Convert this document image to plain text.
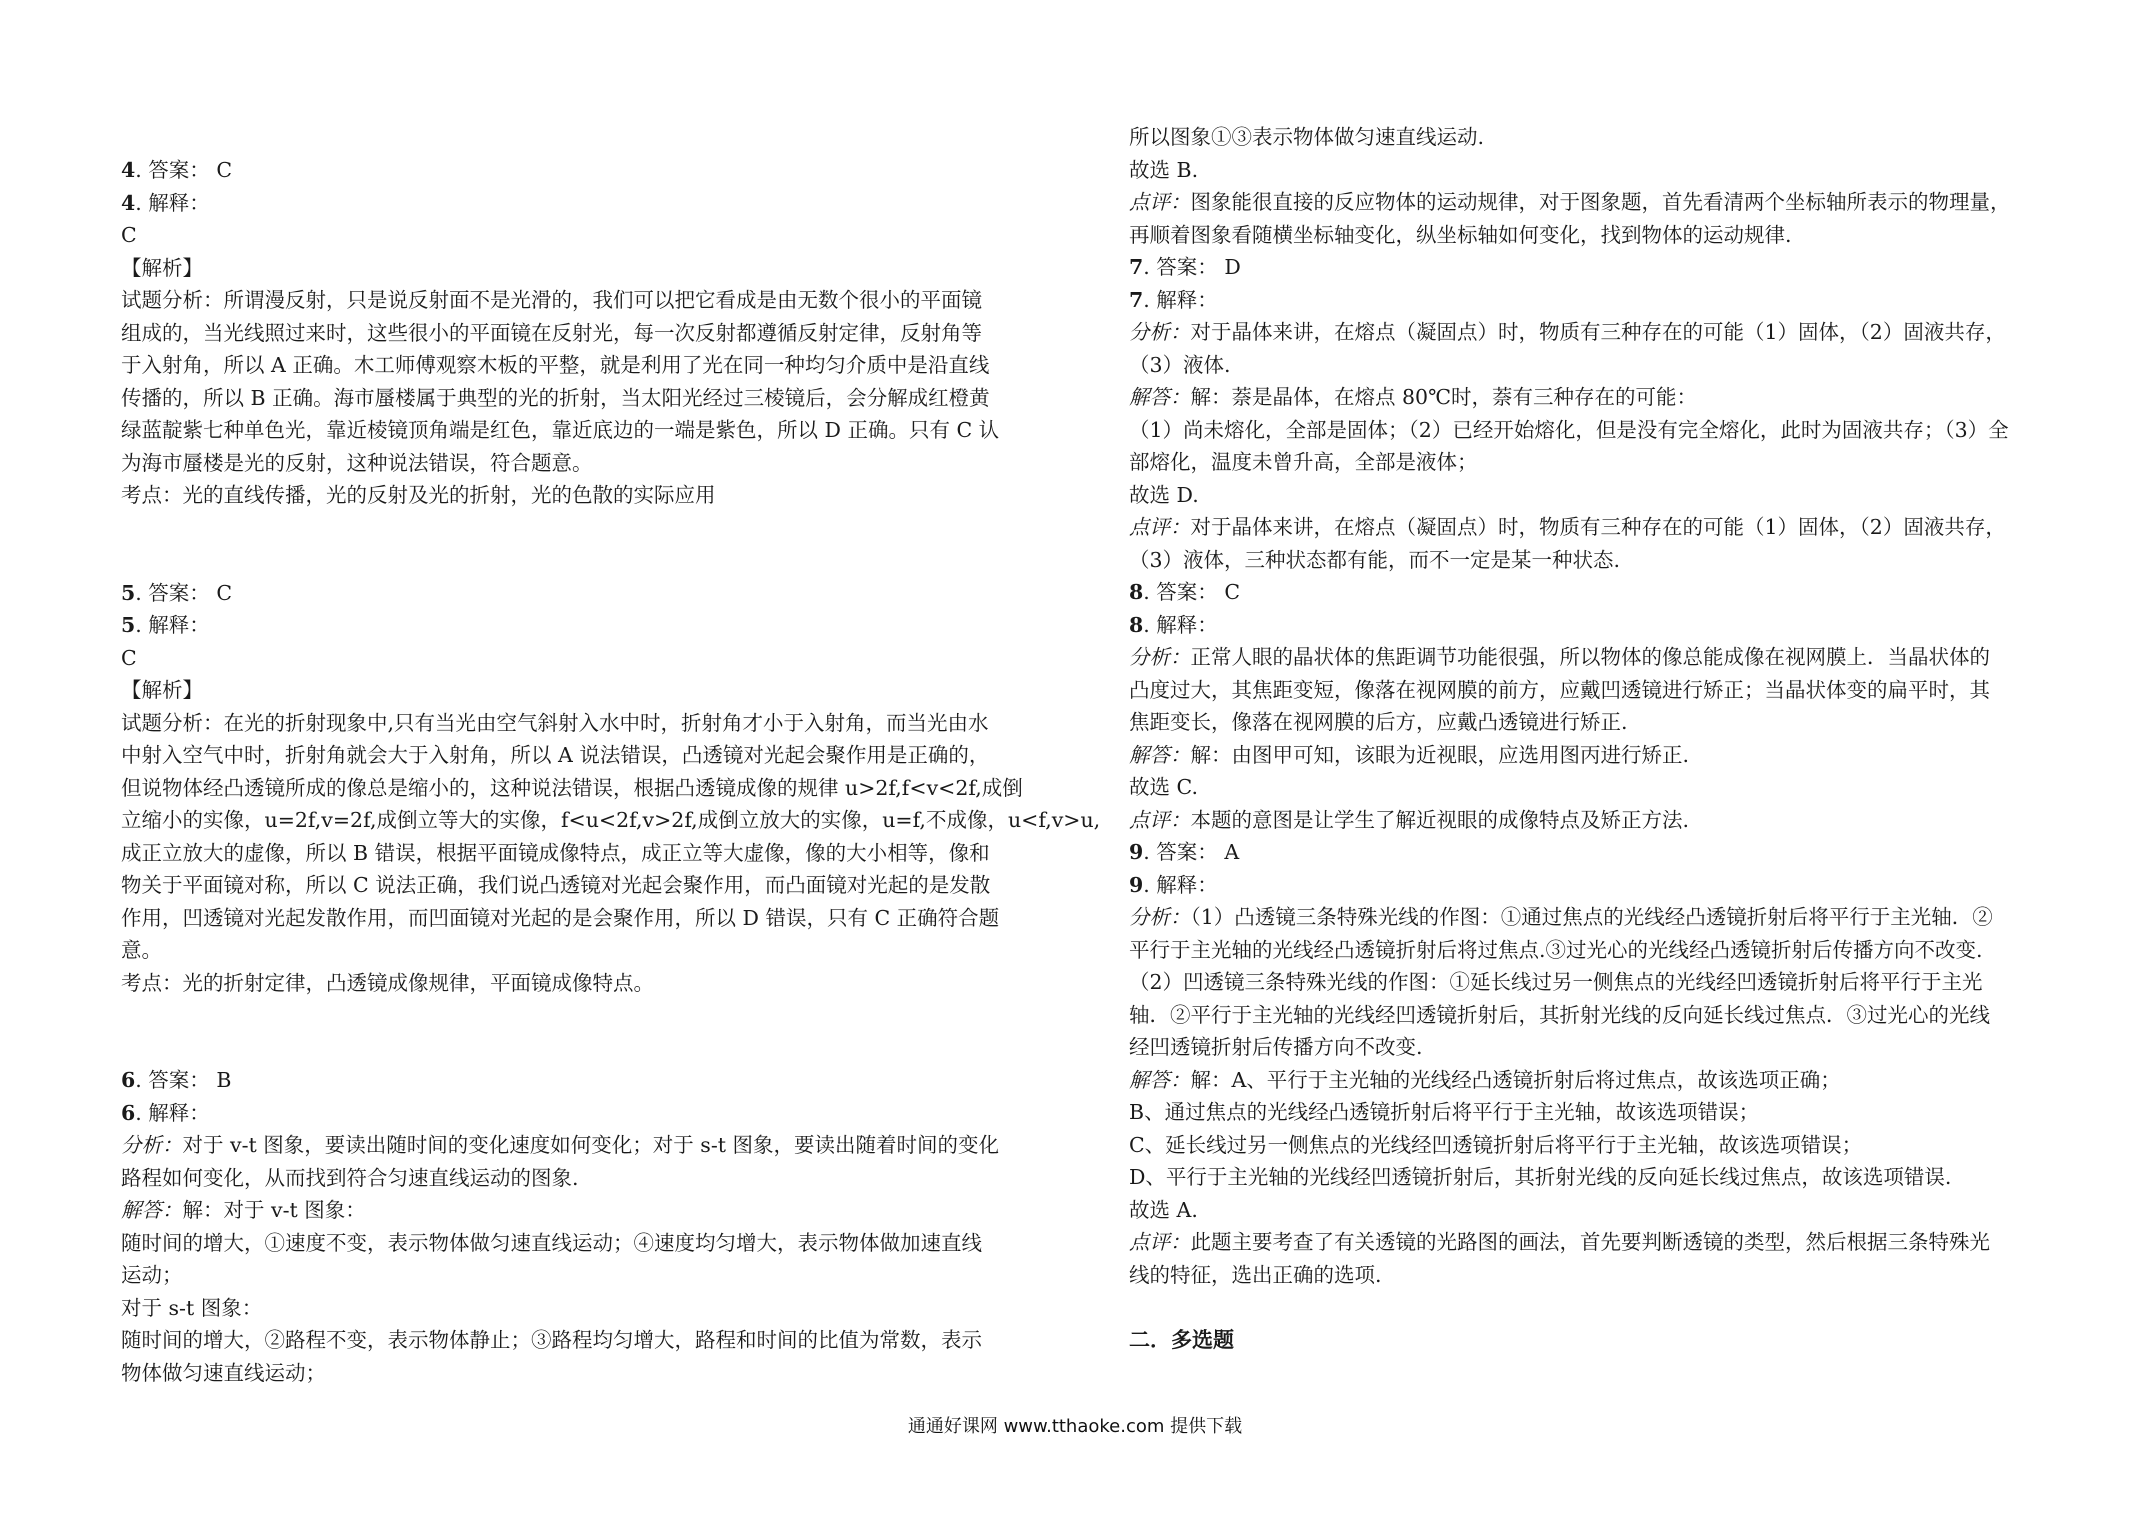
4. 答案： C
4. 解释：
C
【解析】
试题分析：所谓漫反射，只是说反射面不是光滑的，我们可以把它看成是由无数个很小的平面镜
组成的，当光线照过来时，这些很小的平面镜在反射光，每一次反射都遵循反射定律，反射角等
于入射角，所以 A 正确。木工师傅观察木板的平整，就是利用了光在同一种均匀介质中是沿直线
传播的，所以 B 正确。海市蜃楼属于典型的光的折射，当太阳光经过三棱镜后，会分解成红橙黄
绿蓝靛紫七种单色光，靠近棱镜顶角端是红色，靠近底边的一端是紫色，所以 D 正确。只有 C 认
为海市蜃楼是光的反射，这种说法错误，符合题意。
考点：光的直线传播，光的反射及光的折射，光的色散的实际应用
5. 答案： C
5. 解释：
C
【解析】
试题分析：在光的折射现象中,只有当光由空气斜射入水中时，折射角才小于入射角，而当光由水
中射入空气中时，折射角就会大于入射角，所以 A 说法错误，凸透镜对光起会聚作用是正确的，
但说物体经凸透镜所成的像总是缩小的，这种说法错误，根据凸透镜成像的规律 u>2f,f<v<2f,成倒
立缩小的实像，u=2f,v=2f,成倒立等大的实像，f<u<2f,v>2f,成倒立放大的实像，u=f,不成像，u<f,v>u,
成正立放大的虚像，所以 B 错误，根据平面镜成像特点，成正立等大虚像，像的大小相等，像和
物关于平面镜对称，所以 C 说法正确，我们说凸透镜对光起会聚作用，而凸面镜对光起的是发散
作用，凹透镜对光起发散作用，而凹面镜对光起的是会聚作用，所以 D 错误，只有 C 正确符合题
意。
考点：光的折射定律，凸透镜成像规律，平面镜成像特点。
6. 答案： B
6. 解释：
分析：对于 v-t 图象，要读出随时间的变化速度如何变化；对于 s-t 图象，要读出随着时间的变化
路程如何变化，从而找到符合匀速直线运动的图象.
解答：解：对于 v-t 图象：
随时间的增大，①速度不变，表示物体做匀速直线运动；④速度均匀增大，表示物体做加速直线
运动；
对于 s-t 图象：
随时间的增大，②路程不变，表示物体静止；③路程均匀增大，路程和时间的比值为常数，表示
物体做匀速直线运动；
所以图象①③表示物体做匀速直线运动.
故选 B.
点评：图象能很直接的反应物体的运动规律，对于图象题，首先看清两个坐标轴所表示的物理量，
再顺着图象看随横坐标轴变化，纵坐标轴如何变化，找到物体的运动规律.
7. 答案： D
7. 解释：
分析：对于晶体来讲，在熔点（凝固点）时，物质有三种存在的可能（1）固体，（2）固液共存，
（3）液体.
解答：解：萘是晶体，在熔点 80℃时，萘有三种存在的可能：
（1）尚未熔化，全部是固体；（2）已经开始熔化，但是没有完全熔化，此时为固液共存；（3）全
部熔化，温度未曾升高，全部是液体；
故选 D.
点评：对于晶体来讲，在熔点（凝固点）时，物质有三种存在的可能（1）固体，（2）固液共存，
（3）液体，三种状态都有能，而不一定是某一种状态.
8. 答案： C
8. 解释：
分析：正常人眼的晶状体的焦距调节功能很强，所以物体的像总能成像在视网膜上．当晶状体的
凸度过大，其焦距变短，像落在视网膜的前方，应戴凹透镜进行矫正；当晶状体变的扁平时，其
焦距变长，像落在视网膜的后方，应戴凸透镜进行矫正.
解答：解：由图甲可知，该眼为近视眼，应选用图丙进行矫正.
故选 C.
点评：本题的意图是让学生了解近视眼的成像特点及矫正方法.
9. 答案： A
9. 解释：
分析：（1）凸透镜三条特殊光线的作图：①通过焦点的光线经凸透镜折射后将平行于主光轴．②
平行于主光轴的光线经凸透镜折射后将过焦点.③过光心的光线经凸透镜折射后传播方向不改变.
（2）凹透镜三条特殊光线的作图：①延长线过另一侧焦点的光线经凹透镜折射后将平行于主光
轴．②平行于主光轴的光线经凹透镜折射后，其折射光线的反向延长线过焦点．③过光心的光线
经凹透镜折射后传播方向不改变.
解答：解：A、平行于主光轴的光线经凸透镜折射后将过焦点，故该选项正确；
B、通过焦点的光线经凸透镜折射后将平行于主光轴，故该选项错误；
C、延长线过另一侧焦点的光线经凹透镜折射后将平行于主光轴，故该选项错误；
D、平行于主光轴的光线经凹透镜折射后，其折射光线的反向延长线过焦点，故该选项错误.
故选 A.
点评：此题主要考查了有关透镜的光路图的画法，首先要判断透镜的类型，然后根据三条特殊光
线的特征，选出正确的选项.
二．多选题
通通好课网 www.tthaoke.com 提供下载
